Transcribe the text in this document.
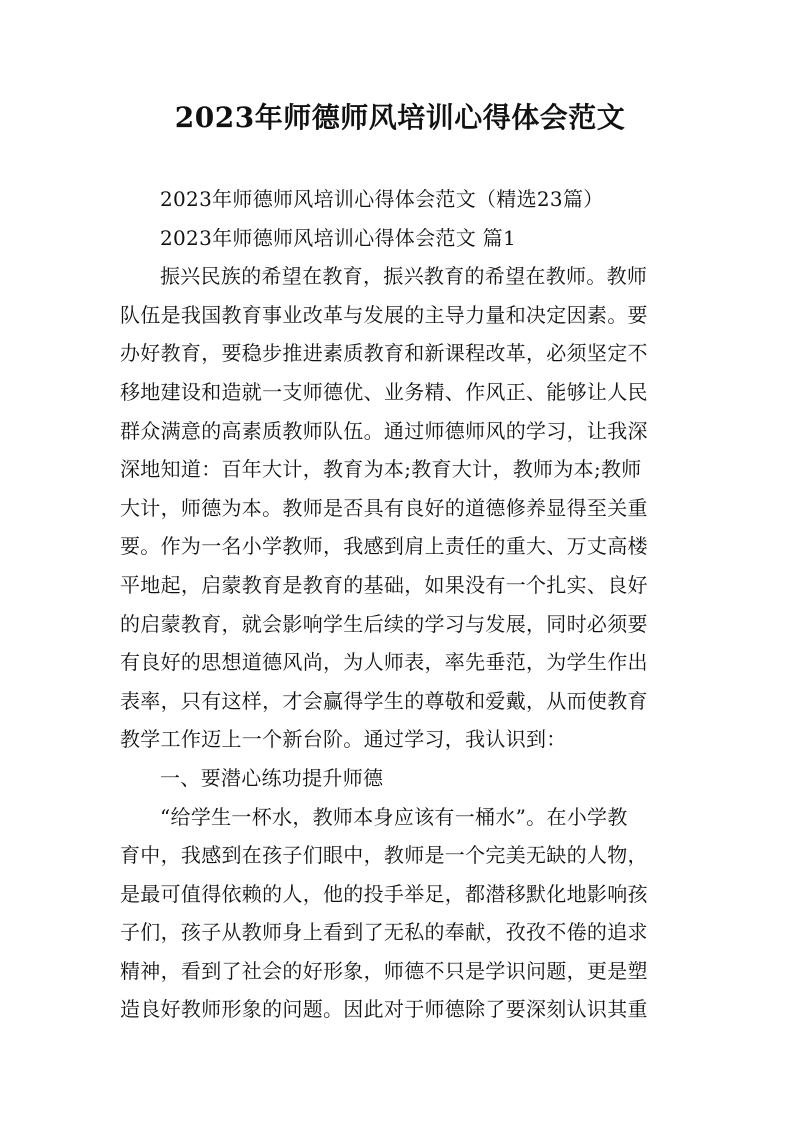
2023年师德师风培训心得体会范文
2023年师德师风培训心得体会范文（精选23篇）
2023年师德师风培训心得体会范文 篇1
振兴民族的希望在教育，振兴教育的希望在教师。教师
队伍是我国教育事业改革与发展的主导力量和决定因素。要
办好教育，要稳步推进素质教育和新课程改革，必须坚定不
移地建设和造就一支师德优、业务精、作风正、能够让人民
群众满意的高素质教师队伍。通过师德师风的学习，让我深
深地知道：百年大计，教育为本;教育大计，教师为本;教师
大计，师德为本。教师是否具有良好的道德修养显得至关重
要。作为一名小学教师，我感到肩上责任的重大、万丈高楼
平地起，启蒙教育是教育的基础，如果没有一个扎实、良好
的启蒙教育，就会影响学生后续的学习与发展，同时必须要
有良好的思想道德风尚，为人师表，率先垂范，为学生作出
表率，只有这样，才会赢得学生的尊敬和爱戴，从而使教育
教学工作迈上一个新台阶。通过学习，我认识到：
一、要潜心练功提升师德
“给学生一杯水，教师本身应该有一桶水”。在小学教
育中，我感到在孩子们眼中，教师是一个完美无缺的人物，
是最可值得依赖的人，他的投手举足，都潜移默化地影响孩
子们，孩子从教师身上看到了无私的奉献，孜孜不倦的追求
精神，看到了社会的好形象，师德不只是学识问题，更是塑
造良好教师形象的问题。因此对于师德除了要深刻认识其重
